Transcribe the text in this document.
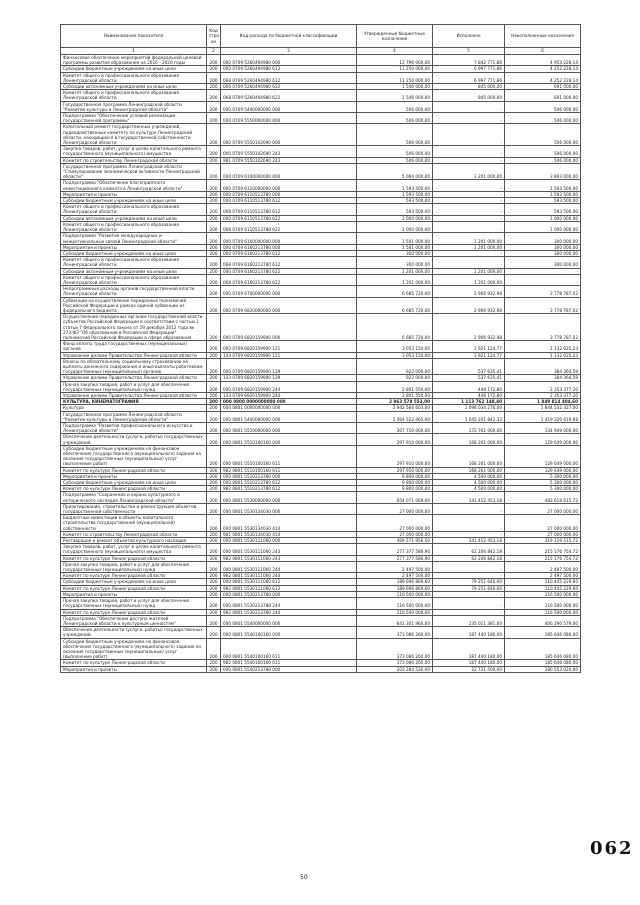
Наименование показателя	Код стро ки	Код расхода по бюджетной классификации	Утвержденные бюджетные назначения	Исполнено	Неисполненные назначения
1	2	3	4	5	6
Финансовое обеспечение мероприятий федеральной целевой программы развития образования на 2016 - 2020 годы	200	000 0709 5260494980 000	12 796 000,00	7 842 771,86	4 953 228,14
Субсидии бюджетным учреждениям на иные цели	200	000 0709 5260494980 612	11 250 000,00	6 997 771,86	4 252 228,14
Комитет общего и профессионального образования Ленинградской области	200	068 0709 5260494980 612	11 250 000,00	6 997 771,86	4 252 228,14
Субсидии автономным учреждениям на иные цели	200	000 0709 5260494980 622	1 546 000,00	845 000,00	691 000,00
Комитет общего и профессионального образования Ленинградской области	200	068 0709 5260494980 622	1 546 000,00	845 000,00	691 000,00
Государственная программа Ленинградской области "Развитие культуры в Ленинградской области"	200	000 0709 5400000000 000	506 000,00	-	506 000,00
Подпрограмма "Обеспечение условий реализации государственной программы"	200	000 0709 5550000000 000	506 000,00	-	506 000,00
Капитальный ремонт государственных учреждений, подведомственных комитету по культуре Ленинградской области, находящихся в государственной собственности Ленинградской области	200	000 0709 5550102690 000	506 000,00	-	506 000,00
Закупка товаров, работ, услуг в целях капитального ремонта государственного (муниципального) имущества	200	000 0709 5550102690 243	506 000,00	-	506 000,00
Комитет по строительству Ленинградской области	200	981 0709 5550102690 243	506 000,00	-	506 000,00
Государственная программа Ленинградской области "Стимулирование экономической активности Ленинградской области"	200	000 0709 6100000000 000	5 094 000,00	1 201 000,00	3 893 000,00
Подпрограмма "Обеспечение благоприятного инвестиционного климата в Ленинградской области"	200	000 0709 6110000000 000	1 593 500,00	-	1 593 500,00
Мероприятия и проекты	200	000 0709 6110513780 000	1 593 500,00	-	1 593 500,00
Субсидии бюджетным учреждениям на иные цели	200	000 0709 6110513780 612	593 500,00	-	593 500,00
Комитет общего и профессионального образования Ленинградской области	200	068 0709 6110513780 612	593 500,00	-	593 500,00
Субсидии автономным учреждениям на иные цели	200	000 0709 6110513780 622	1 000 000,00	-	1 000 000,00
Комитет общего и профессионального образования Ленинградской области	200	068 0709 6110513780 622	1 000 000,00	-	1 000 000,00
Подпрограмма "Развитие международных и межрегиональных связей Ленинградской области"	200	000 0709 6160000000 000	1 501 000,00	1 201 000,00	300 000,00
Мероприятия и проекты	200	000 0709 6160213780 000	1 501 000,00	1 201 000,00	300 000,00
Субсидии бюджетным учреждениям на иные цели	200	000 0709 6160213780 612	300 000,00	-	300 000,00
Комитет общего и профессионального образования Ленинградской области	200	068 0709 6160213780 612	300 000,00	-	300 000,00
Субсидии автономным учреждениям на иные цели	200	000 0709 6160213780 622	1 201 000,00	1 201 000,00	-
Комитет общего и профессионального образования Ленинградской области	200	068 0709 6160213780 622	1 201 000,00	1 201 000,00	-
Непрограммные расходы органов государственной власти Ленинградской области	200	000 0709 6700000000 000	6 685 720,00	2 906 932,98	3 778 787,02
Субвенции на осуществление переданных полномочий Российской Федерации в рамках единой субвенции из федерального бюджета	200	000 0709 6820000000 000	6 685 720,00	2 906 932,98	3 778 787,02
Осуществление переданных органам государственной власти субъектов Российской Федерации в соответствии с частью 1 статьи 7 Федерального закона от 29 декабря 2012 года № 273-ФЗ "Об образовании в Российской Федерации" полномочий Российской Федерации в сфере образования	200	000 0709 6820159900 000	6 685 720,00	2 906 932,98	3 778 787,02
Фонд оплаты труда государственных (муниципальных) органов	200	000 0709 6820159900 121	3 053 150,00	1 921 124,77	1 132 025,23
Управление делами Правительства Ленинградской области	200	133 0709 6820159900 121	3 053 150,00	1 921 124,77	1 132 025,23
Взносы по обязательному социальному страхованию на выплаты денежного содержания и иные выплаты работникам государственных (муниципальных) органов	200	000 0709 6820159900 129	922 000,00	537 635,41	384 364,59
Управление делами Правительства Ленинградской области	200	133 0709 6820159900 129	922 000,00	537 635,41	384 364,59
Прочая закупка товаров, работ и услуг для обеспечения государственных (муниципальных) нужд	200	000 0709 6820159900 244	2 801 550,00	448 172,80	2 353 377,20
Управление делами Правительства Ленинградской области	200	133 0709 6820159900 244	2 801 550,00	448 172,80	2 353 377,20
КУЛЬТУРА, КИНЕМАТОГРАФИЯ	200	000 0800 0000000000 000	2 963 578 553,00	1 113 762 148,40	1 849 814 404,60
Культура	200	000 0801 0000000000 000	2 942 566 603,00	1 098 034 276,00	1 844 532 327,00
Государственная программа Ленинградской области "Развитие культуры в Ленинградской области"	200	000 0801 5400000000 000	2 464 522 465,00	1 045 201 842,32	1 419 320 619,68
Подпрограмма "Развитие профессионального искусства в Ленинградской области"	200	000 0801 5510000000 000	307 710 000,00	172 761 000,00	134 949 000,00
Обеспечение деятельности (услуги, работы) государственных учреждений	200	000 0801 5510100160 000	297 910 000,00	168 261 000,00	129 649 000,00
Субсидии бюджетным учреждениям на финансовое обеспечение государственного (муниципального) задания на оказание государственных (муниципальных) услуг (выполнение работ)	200	000 0801 5510100160 611	297 910 000,00	168 261 000,00	129 649 000,00
Комитет по культуре Ленинградской области	200	982 0801 5510100160 611	297 910 000,00	168 261 000,00	129 649 000,00
Мероприятия и проекты	200	000 0801 5510213780 000	9 800 000,00	4 500 000,00	5 300 000,00
Субсидии бюджетным учреждениям на иные цели	200	000 0801 5510213780 612	9 800 000,00	4 500 000,00	5 300 000,00
Комитет по культуре Ленинградской области	200	982 0801 5510213780 612	9 800 000,00	4 500 000,00	5 300 000,00
Подпрограмма "Сохранение и охрана культурного и исторического наследия Ленинградской области"	200	000 0801 5530000000 000	654 071 069,00	141 452 453,18	482 618 615,72
Проектирование, строительство и реконструкция объектов государственной собственности	200	000 0801 5530134030 000	27 000 000,00	-	27 000 000,00
Бюджетные инвестиции в объекты капитального строительства государственной (муниципальной) собственности	200	000 0801 5530134030 414	27 000 000,00	-	27 000 000,00
Комитет по строительству Ленинградской области	200	981 0801 5530134030 414	27 000 000,00	-	27 000 000,00
Реставрация и ремонт объектов культурного наследия	200	000 0801 5530111060 000	469 571 956,50	141 452 453,18	319 119 515,72
Закупка товаров, работ, услуг в целях капитального ремонта государственного (муниципального) имущества	200	000 0801 5530111060 243	277 377 586,90	62 206 842,18	215 176 754,72
Комитет по культуре Ленинградской области	200	982 0801 5530111060 243	277 377 586,90	62 206 842,18	215 176 754,72
Прочая закупка товаров, работ и услуг для обеспечения государственных (муниципальных) нужд	200	000 0801 5530111060 244	2 497 500,00	-	2 497 500,00
Комитет по культуре Ленинградской области	200	982 0801 5530111060 244	2 497 500,00	-	2 497 500,00
Субсидии бюджетным учреждениям на иные цели	200	000 0801 5530111060 612	189 696 869,60	79 251 640,00	110 445 229,60
Комитет по культуре Ленинградской области	200	982 0801 5530111060 612	189 696 869,60	79 251 640,00	110 445 229,60
Мероприятия и проекты	200	000 0801 5530213780 000	116 500 000,00	-	116 500 000,00
Прочая закупка товаров, работ и услуг для обеспечения государственных (муниципальных) нужд	200	000 0801 5530213780 244	116 500 000,00	-	116 500 000,00
Комитет по культуре Ленинградской области	200	982 0801 5530213780 244	116 500 000,00	-	116 500 000,00
Подпрограмма "Обеспечение доступа жителей Ленинградской области к культурным ценностям"	200	000 0801 5540000000 000	641 301 960,00	235 011 381,00	406 290 579,00
Обеспечение деятельности (услуги, работы) государственных учреждений	200	000 0801 5540100160 000	373 086 260,00	187 440 180,00	185 646 080,00
Субсидии бюджетным учреждениям на финансовое обеспечение государственного (муниципального) задания на оказание государственных (муниципальных) услуг (выполнение работ)	200	000 0801 5540100160 611	373 086 260,00	187 440 180,00	185 646 080,00
Комитет по культуре Ленинградской области	200	982 0801 5540100160 611	373 086 260,00	187 440 180,00	185 646 080,00
Мероприятия и проекты	200	000 0801 5540213780 000	203 284 520,00	22 731 500,00	180 553 020,00
50
062
